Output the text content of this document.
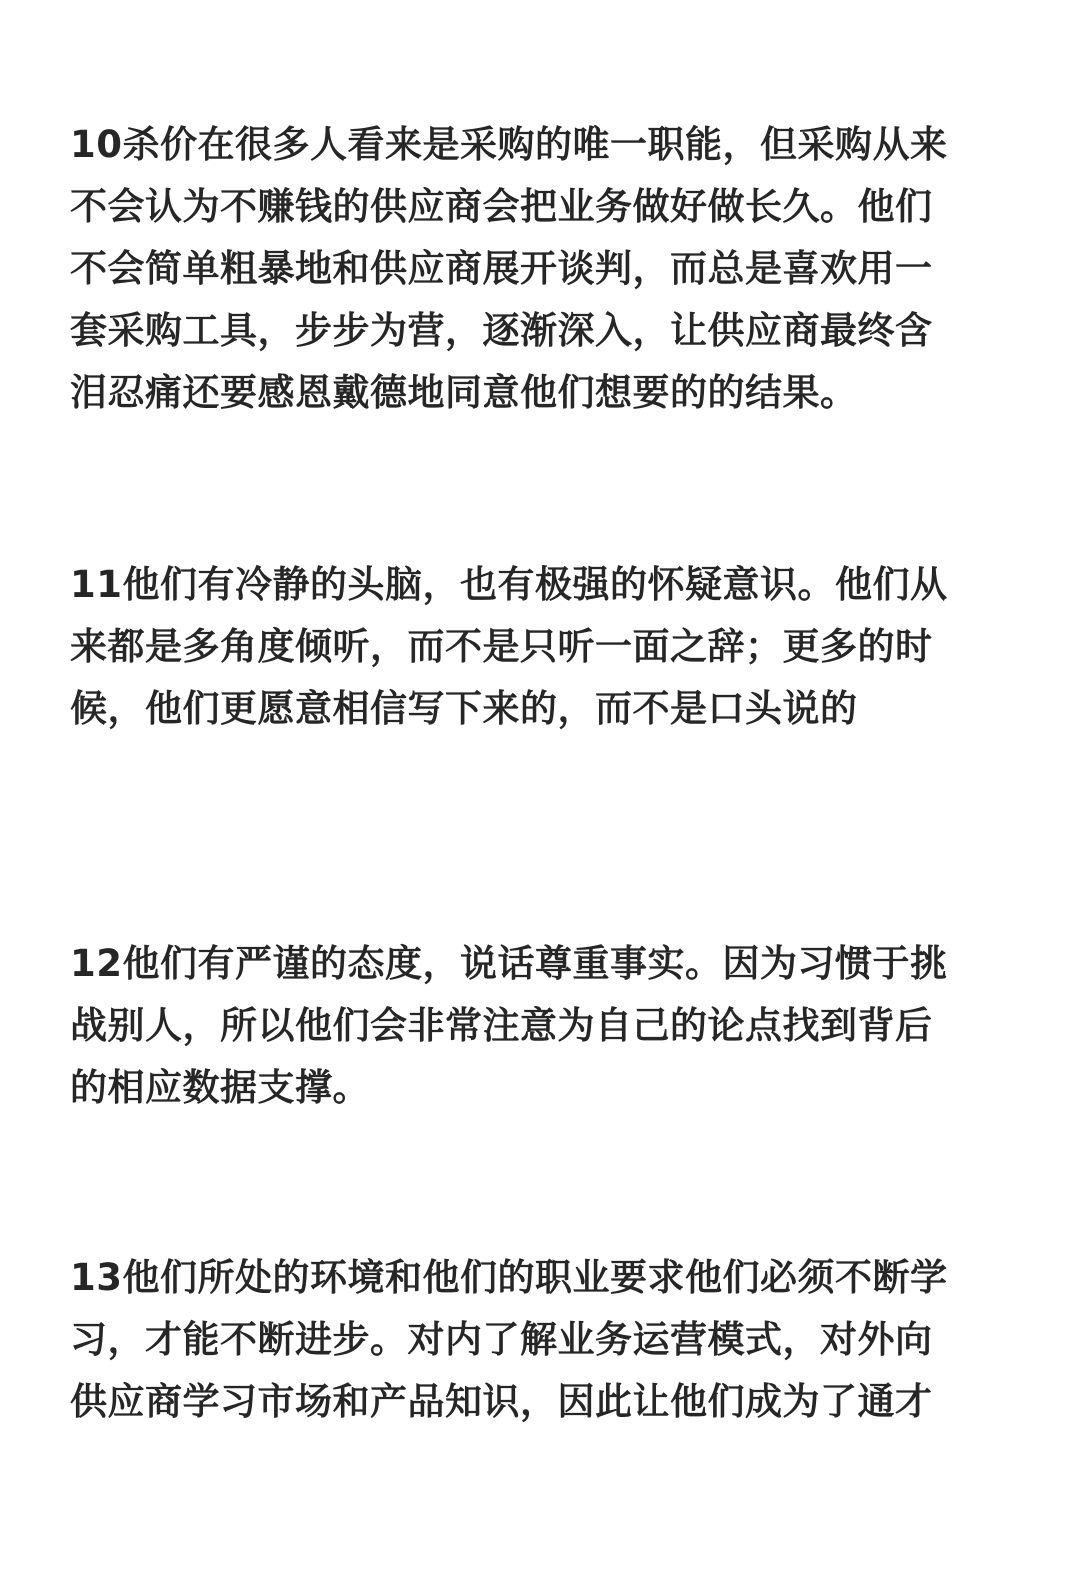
10杀价在很多人看来是采购的唯一职能，但采购从来
不会认为不赚钱的供应商会把业务做好做长久。他们
不会简单粗暴地和供应商展开谈判，而总是喜欢用一
套采购工具，步步为营，逐渐深入，让供应商最终含
泪忍痛还要感恩戴德地同意他们想要的的结果。

11他们有冷静的头脑，也有极强的怀疑意识。他们从
来都是多角度倾听，而不是只听一面之辞；更多的时
候，他们更愿意相信写下来的，而不是口头说的

12他们有严谨的态度，说话尊重事实。因为习惯于挑
战别人，所以他们会非常注意为自己的论点找到背后
的相应数据支撑。

13他们所处的环境和他们的职业要求他们必须不断学
习，才能不断进步。对内了解业务运营模式，对外向
供应商学习市场和产品知识，因此让他们成为了通才
